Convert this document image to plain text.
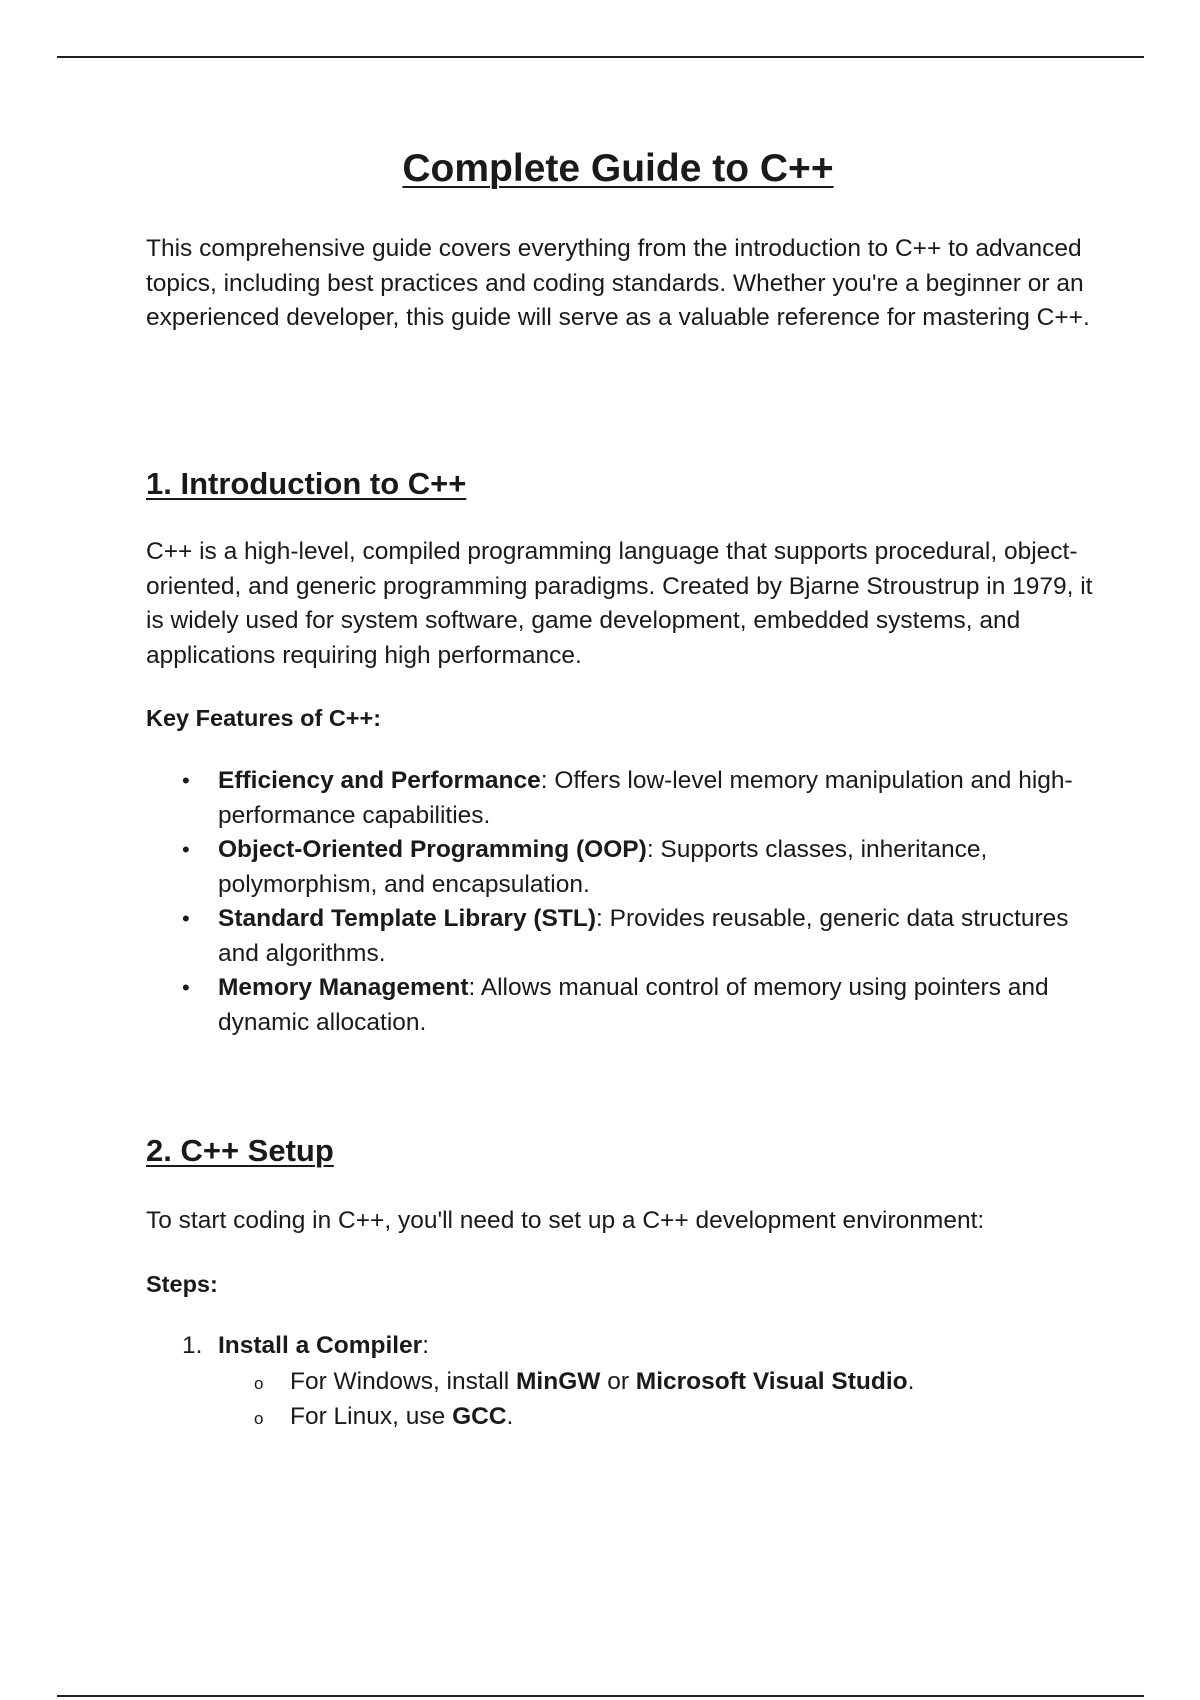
Complete Guide to C++

This comprehensive guide covers everything from the introduction to C++ to advanced topics, including best practices and coding standards. Whether you're a beginner or an experienced developer, this guide will serve as a valuable reference for mastering C++.

1. Introduction to C++

C++ is a high-level, compiled programming language that supports procedural, object-oriented, and generic programming paradigms. Created by Bjarne Stroustrup in 1979, it is widely used for system software, game development, embedded systems, and applications requiring high performance.

Key Features of C++:

• Efficiency and Performance: Offers low-level memory manipulation and high-performance capabilities.
• Object-Oriented Programming (OOP): Supports classes, inheritance, polymorphism, and encapsulation.
• Standard Template Library (STL): Provides reusable, generic data structures and algorithms.
• Memory Management: Allows manual control of memory using pointers and dynamic allocation.
2. C++ Setup

To start coding in C++, you'll need to set up a C++ development environment:

Steps:

1. Install a Compiler:
o For Windows, install MinGW or Microsoft Visual Studio.
o For Linux, use GCC.
